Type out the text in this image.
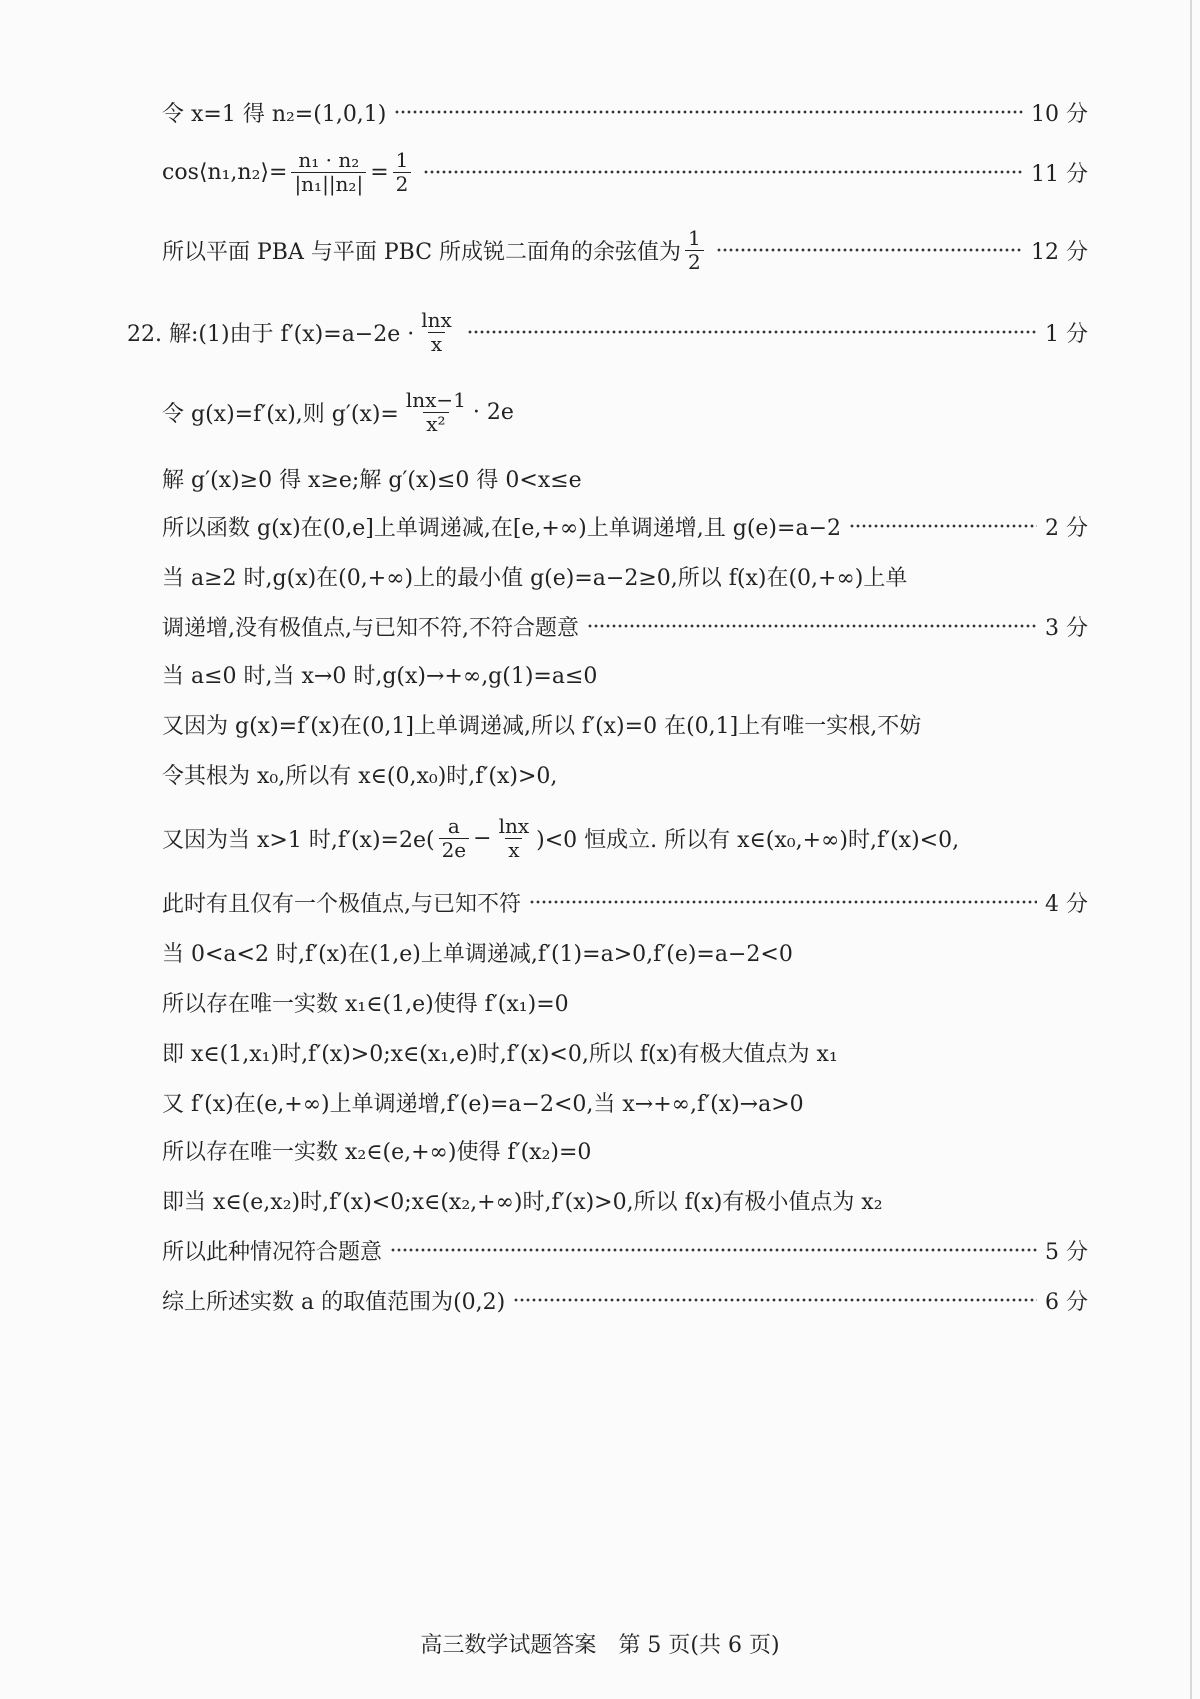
令 x=1 得 n₂=(1,0,1)	10 分
cos⟨n₁,n₂⟩= $\frac{\text{n₁ · n₂}}{\text{|n₁||n₂|}} = \frac{1}{2}$	11 分
所以平面 PBA 与平面 PBC 所成锐二面角的余弦值为 $\frac{1}{2}$	12 分
22. 解:(1)由于 $f'(x)=a-2e \cdot \frac{\ln x}{x}$	1 分
令 g(x)=f′(x),则 $g'(x)= \frac{\ln x-1}{\text{x²}} \cdot 2e$
解 g′(x)≥0 得 x≥e;解 g′(x)≤0 得 0<x≤e
所以函数 g(x)在(0,e]上单调递减,在[e,+∞)上单调递增,且 g(e)=a−2	2 分
当 a≥2 时,g(x)在(0,+∞)上的最小值 g(e)=a−2≥0,所以 f(x)在(0,+∞)上单
调递增,没有极值点,与已知不符,不符合题意	3 分
当 a≤0 时,当 x→0 时,g(x)→+∞,g(1)=a≤0
又因为 g(x)=f′(x)在(0,1]上单调递减,所以 f′(x)=0 在(0,1]上有唯一实根,不妨
令其根为 x₀,所以有 x∈(0,x₀)时,f′(x)>0,
又因为当 x>1 时$,f'(x)=2e( \frac{a}{2e} - \frac{\ln x}{x} )<0$ 恒成立. 所以有 x∈(x₀,+∞)时,f′(x)<0,
此时有且仅有一个极值点,与已知不符	4 分
当 0<a<2 时,f′(x)在(1,e)上单调递减,f′(1)=a>0,f′(e)=a−2<0
所以存在唯一实数 x₁∈(1,e)使得 f′(x₁)=0
即 x∈(1,x₁)时,f′(x)>0;x∈(x₁,e)时,f′(x)<0,所以 f(x)有极大值点为 x₁
又 f′(x)在(e,+∞)上单调递增,f′(e)=a−2<0,当 x→+∞,f′(x)→a>0
所以存在唯一实数 x₂∈(e,+∞)使得 f′(x₂)=0
即当 x∈(e,x₂)时,f′(x)<0;x∈(x₂,+∞)时,f′(x)>0,所以 f(x)有极小值点为 x₂
所以此种情况符合题意	5 分
综上所述实数 a 的取值范围为(0,2)	6 分
高三数学试题答案　第 5 页(共 6 页)
